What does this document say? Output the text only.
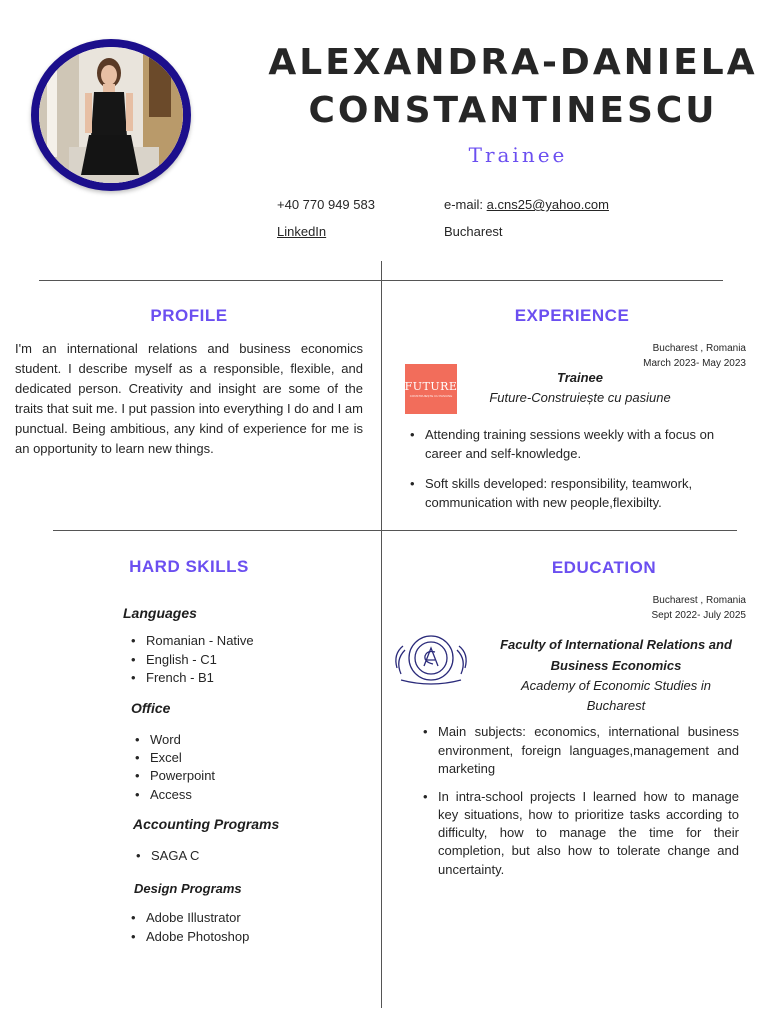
ALEXANDRA-DANIELA
CONSTANTINESCU
Trainee
+40 770 949 583	e-mail: a.cns25@yahoo.com
LinkedIn	Bucharest
PROFILE

I'm an international relations and business economics student. I describe myself as a responsible, flexible, and dedicated person. Creativity and insight are some of the traits that suit me. I put passion into everything I do and I am punctual. Being ambitious, any kind of experience for me is an opportunity to learn new things.

EXPERIENCE
Bucharest , Romania
March 2023- May 2023
FUTURE
CONSTRUIEȘTE CU PASIUNE
Trainee
Future-Construiește cu pasiune
• Attending training sessions weekly with a focus on career and self-knowledge.
• Soft skills developed: responsibility, teamwork, communication with new people,flexibilty.
HARD SKILLS
Languages
• Romanian - Native
• English - C1
• French - B1
Office
• Word
• Excel
• Powerpoint
• Access
Accounting Programs
• SAGA C
Design Programs
• Adobe Illustrator
• Adobe Photoshop
EDUCATION
Bucharest , Romania
Sept 2022- July 2025
Faculty of International Relations and
Business Economics
Academy of Economic Studies in
Bucharest
• Main subjects: economics, international business environment, foreign languages,management and marketing
• In intra-school projects I learned how to manage key situations, how to prioritize tasks according to difficulty, how to manage the time for their completion, but also how to tolerate change and uncertainty.
